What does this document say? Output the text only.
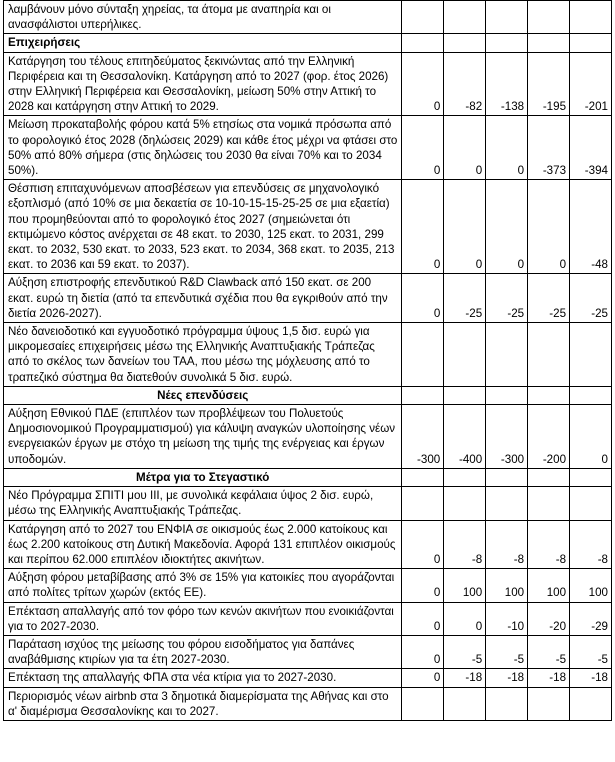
λαμβάνουν μόνο σύνταξη χηρείας, τα άτομα με αναπηρία και οι ανασφάλιστοι υπερήλικες.					
Επιχειρήσεις					
Κατάργηση του τέλους επιτηδεύματος ξεκινώντας από την Ελληνική Περιφέρεια και τη Θεσσαλονίκη. Κατάργηση από το 2027 (φορ. έτος 2026) στην Ελληνική Περιφέρεια και Θεσσαλονίκη, μείωση 50% στην Αττική το 2028 και κατάργηση στην Αττική το 2029.	0	-82	-138	-195	-201
Μείωση προκαταβολής φόρου κατά 5% ετησίως στα νομικά πρόσωπα από το φορολογικό έτος 2028 (δηλώσεις 2029) και κάθε έτος μέχρι να φτάσει στο 50% από 80% σήμερα (στις δηλώσεις του 2030 θα είναι 70% και το 2034 50%).	0	0	0	-373	-394
Θέσπιση επιταχυνόμενων αποσβέσεων για επενδύσεις σε μηχανολογικό εξοπλισμό (από 10% σε μια δεκαετία σε 10-10-15-15-25-25 σε μια εξαετία) που προμηθεύονται από το φορολογικό έτος 2027 (σημειώνεται ότι εκτιμώμενο κόστος ανέρχεται σε 48 εκατ. το 2030, 125 εκατ. το 2031, 299 εκατ. το 2032, 530 εκατ. το 2033, 523 εκατ. το 2034, 368 εκατ. το 2035, 213 εκατ. το 2036 και 59 εκατ. το 2037).	0	0	0	0	-48
Αύξηση επιστροφής επενδυτικού R&D Clawback από 150 εκατ. σε 200 εκατ. ευρώ τη διετία (από τα επενδυτικά σχέδια που θα εγκριθούν από την διετία 2026-2027).	0	-25	-25	-25	-25
Νέο δανειοδοτικό και εγγυοδοτικό πρόγραμμα ύψους 1,5 δισ. ευρώ για μικρομεσαίες επιχειρήσεις μέσω της Ελληνικής Αναπτυξιακής Τράπεζας από το σκέλος των δανείων του ΤΑΑ, που μέσω της μόχλευσης από το τραπεζικό σύστημα θα διατεθούν συνολικά 5 δισ. ευρώ.					
Νέες επενδύσεις					
Αύξηση Εθνικού ΠΔΕ (επιπλέον των προβλέψεων του Πολυετούς Δημοσιονομικού Προγραμματισμού) για κάλυψη αναγκών υλοποίησης νέων ενεργειακών έργων με στόχο τη μείωση της τιμής της ενέργειας και έργων υποδομών.	-300	-400	-300	-200	0
Μέτρα για το Στεγαστικό					
Νέο Πρόγραμμα ΣΠΙΤΙ μου ΙΙΙ, με συνολικά κεφάλαια ύψος 2 δισ. ευρώ, μέσω της Ελληνικής Αναπτυξιακής Τράπεζας.					
Κατάργηση από το 2027 του ΕΝΦΙΑ σε οικισμούς έως 2.000 κατοίκους και έως 2.200 κατοίκους στη Δυτική Μακεδονία. Αφορά 131 επιπλέον οικισμούς και περίπου 62.000 επιπλέον ιδιοκτήτες ακινήτων.	0	-8	-8	-8	-8
Αύξηση φόρου μεταβίβασης από 3% σε 15% για κατοικίες που αγοράζονται από πολίτες τρίτων χωρών (εκτός ΕΕ).	0	100	100	100	100
Επέκταση απαλλαγής από τον φόρο των κενών ακινήτων που ενοικιάζονται για το 2027-2030.	0	0	-10	-20	-29
Παράταση ισχύος της μείωσης του φόρου εισοδήματος για δαπάνες αναβάθμισης κτιρίων για τα έτη 2027-2030.	0	-5	-5	-5	-5
Επέκταση της απαλλαγής ΦΠΑ στα νέα κτίρια για το 2027-2030.	0	-18	-18	-18	-18
Περιορισμός νέων airbnb στα 3 δημοτικά διαμερίσματα της Αθήνας και στο α' διαμέρισμα Θεσσαλονίκης και το 2027.					
